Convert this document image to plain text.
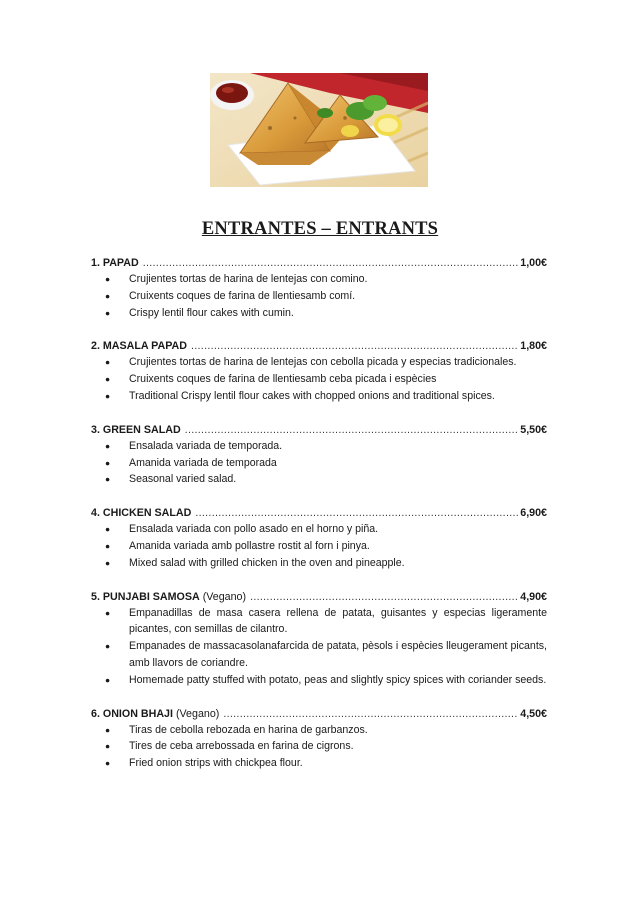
ENTRANTES – ENTRANTS
1. PAPAD .....	1,00€
● Crujientes tortas de harina de lentejas con comino.
● Cruixents coques de farina de llentiesamb comí.
● Crispy lentil flour cakes with cumin.
2. MASALA PAPAD .....	1,80€
● Crujientes tortas de harina de lentejas con cebolla picada y especias tradicionales.
● Cruixents coques de farina de llentiesamb ceba picada i espècies
● Traditional Crispy lentil flour cakes with chopped onions and traditional spices.
3. GREEN SALAD .....	5,50€
● Ensalada variada de temporada.
● Amanida variada de temporada
● Seasonal varied salad.
4. CHICKEN SALAD .....	6,90€
● Ensalada variada con pollo asado en el horno y piña.
● Amanida variada amb pollastre rostit al forn i pinya.
● Mixed salad with grilled chicken in the oven and pineapple.
5. PUNJABI SAMOSA (Vegano) .....	4,90€
● Empanadillas de masa casera rellena de patata, guisantes y especias ligeramente picantes, con semillas de cilantro.
● Empanades de massacasolanafarcida de patata, pèsols i espècies lleugerament picants, amb llavors de coriandre.
● Homemade patty stuffed with potato, peas and slightly spicy spices with coriander seeds.
6. ONION BHAJI (Vegano) .....	4,50€
● Tiras de cebolla rebozada en harina de garbanzos.
● Tires de ceba arrebossada en farina de cigrons.
● Fried onion strips with chickpea flour.
